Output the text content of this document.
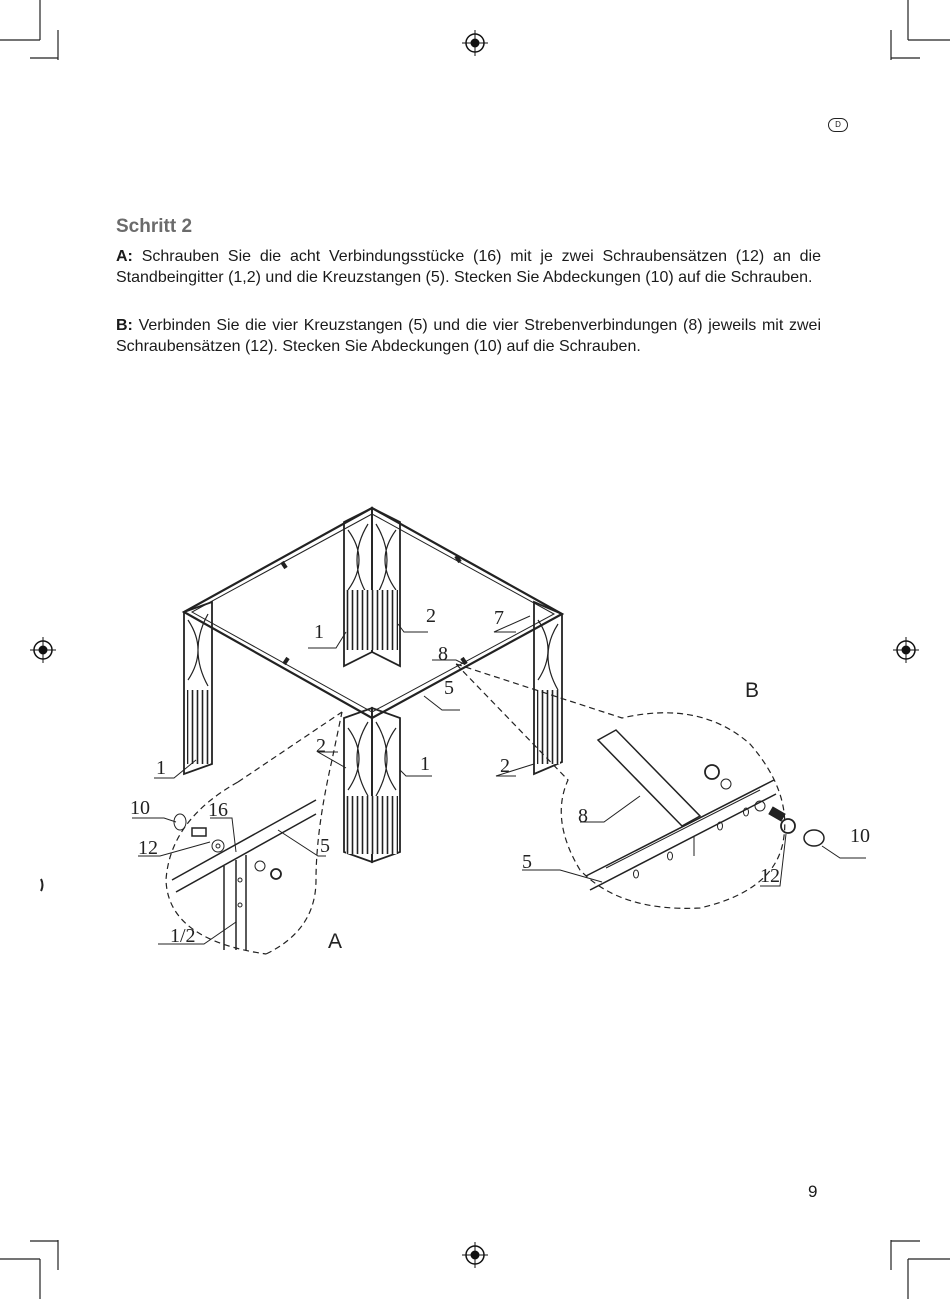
D
Schritt 2
A: Schrauben Sie die acht Verbindungsstücke (16) mit je zwei Schraubensätzen (12) an die Standbeingitter (1,2) und die Kreuzstangen (5). Stecken Sie Abdeckungen (10) auf die Schrauben.
B: Verbinden Sie die vier Kreuzstangen (5) und die vier Strebenverbindungen (8) jeweils mit zwei Schraubensätzen (12). Stecken Sie Abdeckungen (10) auf die Schrauben.
1
2	7
8
5
1
2
1	2
10	16
12	5
1/2
8
5
12
10
A
B
9
